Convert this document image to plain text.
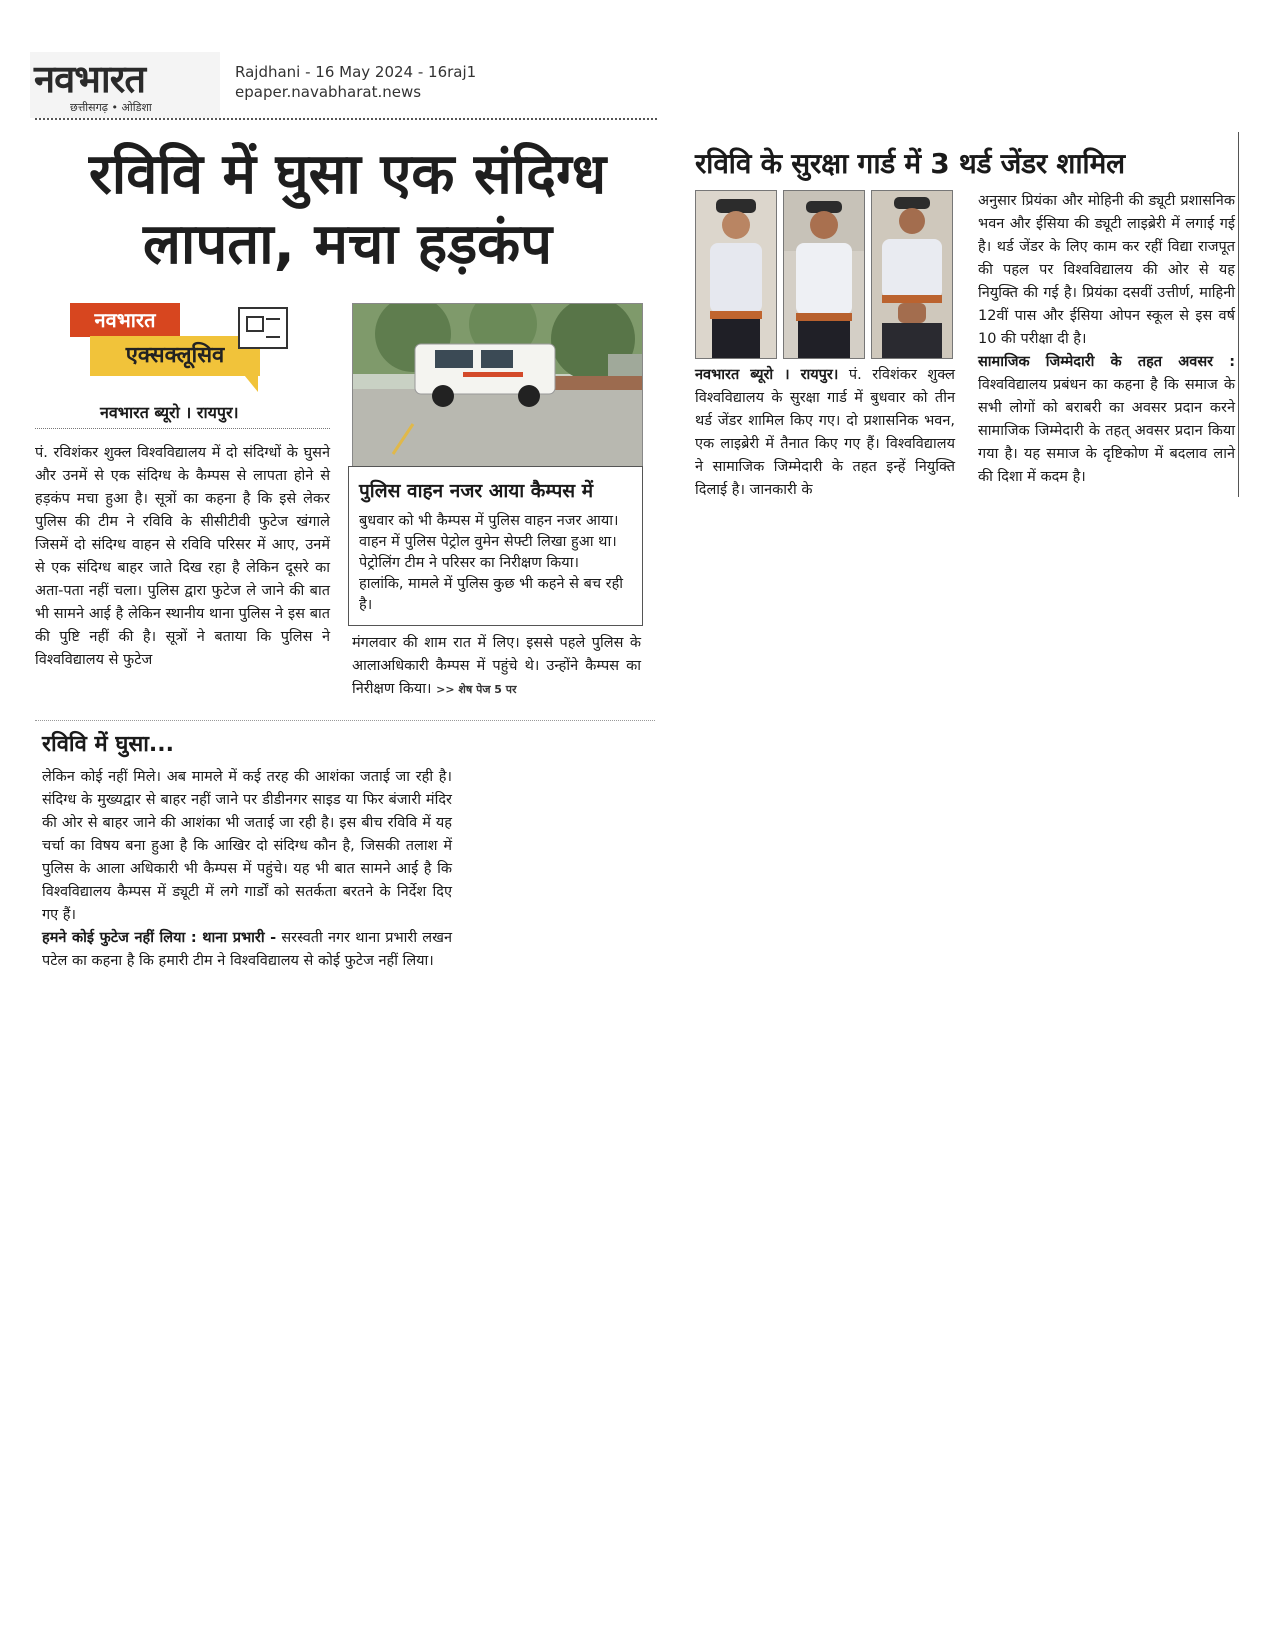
नवभारत
छत्तीसगढ़ • ओडिशा
Rajdhani - 16 May 2024 - 16raj1
epaper.navabharat.news
रविवि में घुसा एक संदिग्ध
लापता, मचा हड़कंप
नवभारत
एक्सक्लूसिव
नवभारत ब्यूरो । रायपुर।
पं. रविशंकर शुक्ल विश्वविद्यालय में दो संदिग्धों के घुसने और उनमें से एक संदिग्ध के कैम्पस से लापता होने से हड़कंप मचा हुआ है। सूत्रों का कहना है कि इसे लेकर पुलिस की टीम ने रविवि के सीसीटीवी फुटेज खंगाले जिसमें दो संदिग्ध वाहन से रविवि परिसर में आए, उनमें से एक संदिग्ध बाहर जाते दिख रहा है लेकिन दूसरे का अता-पता नहीं चला। पुलिस द्वारा फुटेज ले जाने की बात भी सामने आई है लेकिन स्थानीय थाना पुलिस ने इस बात की पुष्टि नहीं की है। सूत्रों ने बताया कि पुलिस ने विश्वविद्यालय से फुटेज
पुलिस वाहन नजर आया कैम्पस में
बुधवार को भी कैम्पस में पुलिस वाहन नजर आया। वाहन में पुलिस पेट्रोल वुमेन सेफ्टी लिखा हुआ था। पेट्रोलिंग टीम ने परिसर का निरीक्षण किया। हालांकि, मामले में पुलिस कुछ भी कहने से बच रही है।
मंगलवार की शाम रात में लिए। इससे पहले पुलिस के आलाअधिकारी कैम्पस में पहुंचे थे। उन्होंने कैम्पस का निरीक्षण किया। >> शेष पेज 5 पर
रविवि में घुसा...
लेकिन कोई नहीं मिले। अब मामले में कई तरह की आशंका जताई जा रही है। संदिग्ध के मुख्यद्वार से बाहर नहीं जाने पर डीडीनगर साइड या फिर बंजारी मंदिर की ओर से बाहर जाने की आशंका भी जताई जा रही है। इस बीच रविवि में यह चर्चा का विषय बना हुआ है कि आखिर दो संदिग्ध कौन है, जिसकी तलाश में पुलिस के आला अधिकारी भी कैम्पस में पहुंचे। यह भी बात सामने आई है कि विश्वविद्यालय कैम्पस में ड्यूटी में लगे गार्डों को सतर्कता बरतने के निर्देश दिए गए हैं।
हमने कोई फुटेज नहीं लिया : थाना प्रभारी - सरस्वती नगर थाना प्रभारी लखन पटेल का कहना है कि हमारी टीम ने विश्वविद्यालय से कोई फुटेज नहीं लिया।
रविवि के सुरक्षा गार्ड में 3 थर्ड जेंडर शामिल
नवभारत ब्यूरो । रायपुर। पं. रविशंकर शुक्ल विश्वविद्यालय के सुरक्षा गार्ड में बुधवार को तीन थर्ड जेंडर शामिल किए गए। दो प्रशासनिक भवन, एक लाइब्रेरी में तैनात किए गए हैं। विश्वविद्यालय ने सामाजिक जिम्मेदारी के तहत इन्हें नियुक्ति दिलाई है। जानकारी के
अनुसार प्रियंका और मोहिनी की ड्यूटी प्रशासनिक भवन और ईसिया की ड्यूटी लाइब्रेरी में लगाई गई है। थर्ड जेंडर के लिए काम कर रहीं विद्या राजपूत की पहल पर विश्वविद्यालय की ओर से यह नियुक्ति की गई है। प्रियंका दसवीं उत्तीर्ण, माहिनी 12वीं पास और ईसिया ओपन स्कूल से इस वर्ष 10 की परीक्षा दी है।
सामाजिक जिम्मेदारी के तहत अवसर : विश्वविद्यालय प्रबंधन का कहना है कि समाज के सभी लोगों को बराबरी का अवसर प्रदान करने सामाजिक जिम्मेदारी के तहत् अवसर प्रदान किया गया है। यह समाज के दृष्टिकोण में बदलाव लाने की दिशा में कदम है।
